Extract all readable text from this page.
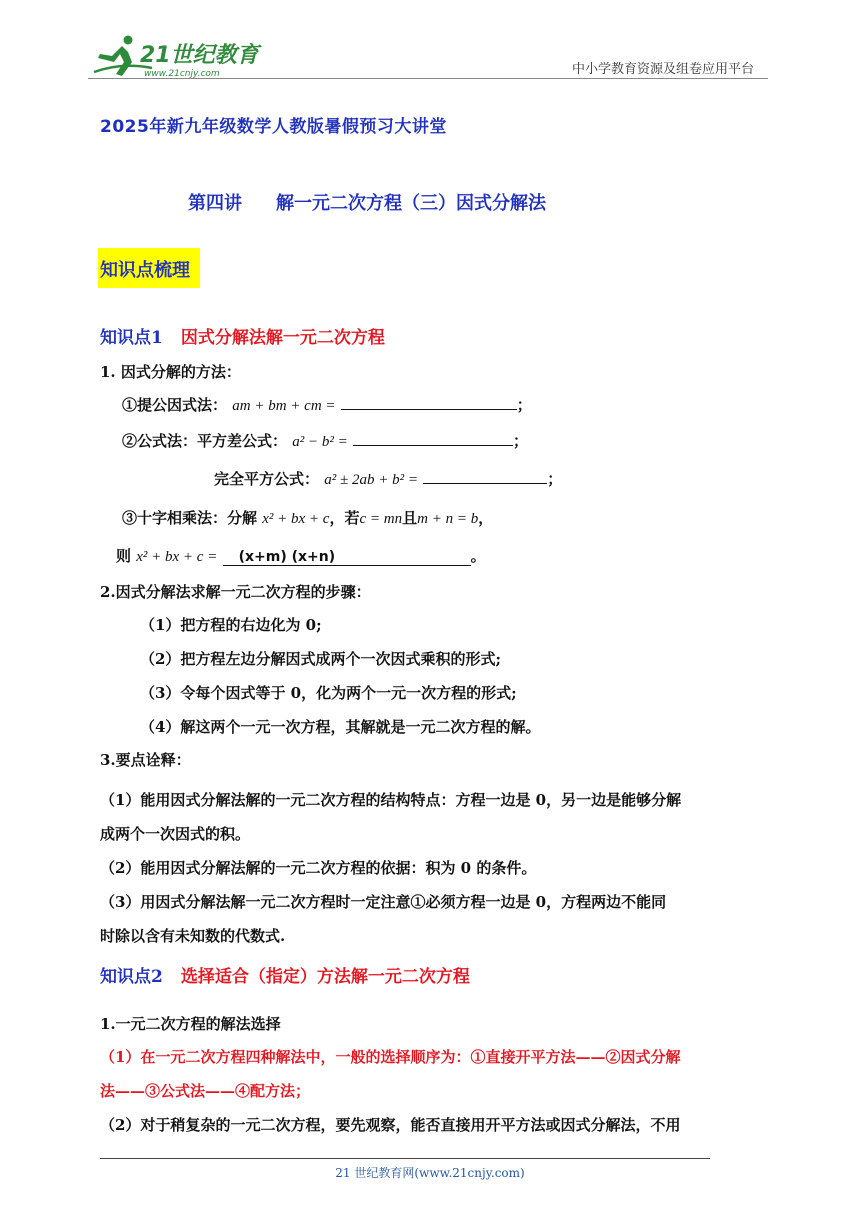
21世纪教育
www.21cnjy.com	中小学教育资源及组卷应用平台
2025年新九年级数学人教版暑假预习大讲堂
第四讲 解一元二次方程（三）因式分解法
知识点梳理
知识点1 因式分解法解一元二次方程
1. 因式分解的方法：
①提公因式法： am + bm + cm =	；
②公式法：平方差公式： a² − b² =	；
完全平方公式： a² ± 2ab + b² =	；
③十字相乘法：分解 x² + bx + c，若c = mn且m + n = b，
则 x² + bx + c = (x+m) (x+n)	。
2.因式分解法求解一元二次方程的步骤：
（1）把方程的右边化为 0;
（2）把方程左边分解因式成两个一次因式乘积的形式;
（3）令每个因式等于 0，化为两个一元一次方程的形式;
（4）解这两个一元一次方程，其解就是一元二次方程的解。
3.要点诠释：
（1）能用因式分解法解的一元二次方程的结构特点：方程一边是 0，另一边是能够分解
成两个一次因式的积。
（2）能用因式分解法解的一元二次方程的依据：积为 0 的条件。
（3）用因式分解法解一元二次方程时一定注意①必须方程一边是 0，方程两边不能同
时除以含有未知数的代数式.
知识点2 选择适合（指定）方法解一元二次方程
1.一元二次方程的解法选择
（1）在一元二次方程四种解法中，一般的选择顺序为：①直接开平方法——②因式分解
法——③公式法——④配方法；
（2）对于稍复杂的一元二次方程，要先观察，能否直接用开平方法或因式分解法，不用
21 世纪教育网(www.21cnjy.com)
